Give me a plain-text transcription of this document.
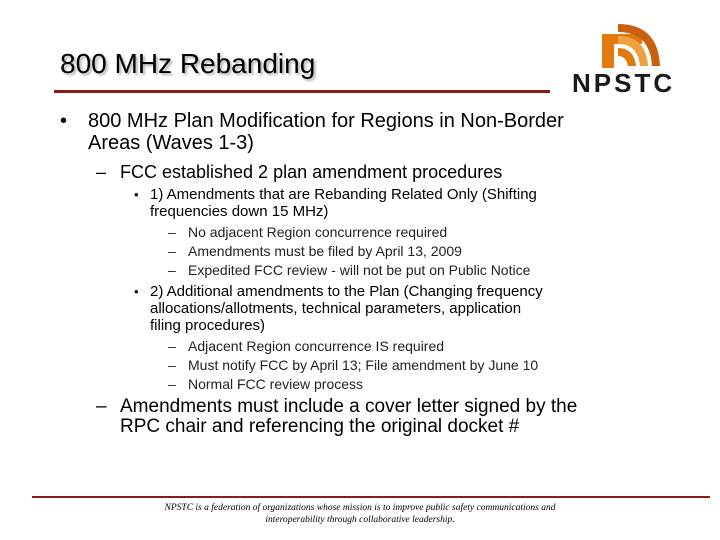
800 MHz Rebanding
NPSTC
• 800 MHz Plan Modification for Regions in Non-Border Areas (Waves 1-3)
– FCC established 2 plan amendment procedures
• 1) Amendments that are Rebanding Related Only (Shifting frequencies down 15 MHz)
– No adjacent Region concurrence required
– Amendments must be filed by April 13, 2009
– Expedited FCC review - will not be put on Public Notice
• 2) Additional amendments to the Plan (Changing frequency allocations/allotments, technical parameters, application filing procedures)
– Adjacent Region concurrence IS required
– Must notify FCC by April 13; File amendment by June 10
– Normal FCC review process
– Amendments must include a cover letter signed by the RPC chair and referencing the original docket #
NPSTC is a federation of organizations whose mission is to improve public safety communications and interoperability through collaborative leadership.
